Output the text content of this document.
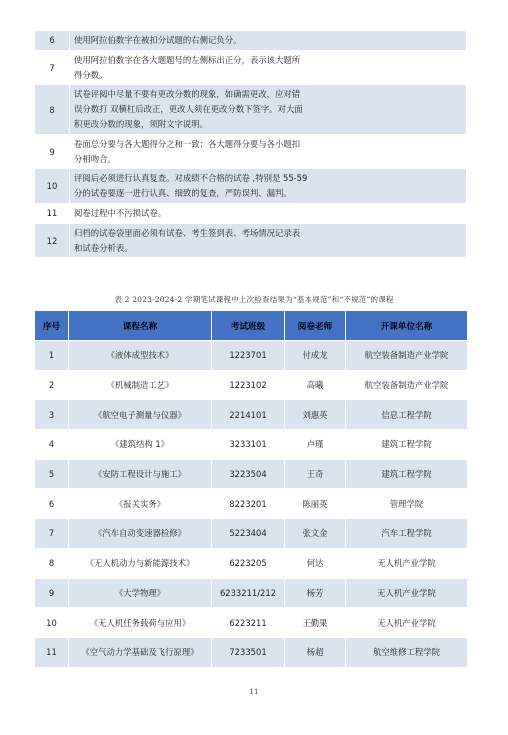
6	使用阿拉伯数字在被扣分试题的右侧记负分。
7	使用阿拉伯数字在各大题题号的左侧标出正分，表示该大题所
得分数。
8	试卷评阅中尽量不要有更改分数的现象，如确需更改，应对错
误分数打 双横杠后改正，更改人须在更改分数下签字。对大面
积更改分数的现象，须附文字说明。
9	卷面总分要与各大题得分之和一致；各大题得分要与各小题扣
分相吻合。
10	评阅后必须进行认真复查。对成绩不合格的试卷 ,特别是 55-59
分的试卷要逐一进行认真、细致的复查，严防误判、漏判。
11	阅卷过程中不污损试卷。
12	归档的试卷袋里面必须有试卷、考生签到表、考场情况记录表
和试卷分析表。
表 2 2023-2024-2 学期笔试课程中上次检查结果为“基本规范”和“不规范”的课程
序号	课程名称	考试班级	阅卷老师	开课单位名称
1	《液体成型技术》	1223701	付成龙	航空装备制造产业学院
2	《机械制造工艺》	1223102	高曦	航空装备制造产业学院
3	《航空电子测量与仪器》	2214101	刘惠英	信息工程学院
4	《建筑结构 1》	3233101	卢瑾	建筑工程学院
5	《安防工程设计与施工》	3223504	王奇	建筑工程学院
6	《报关实务》	8223201	陈丽英	管理学院
7	《汽车自动变速器检修》	5223404	张文金	汽车工程学院
8	《无人机动力与新能源技术》	6223205	何达	无人机产业学院
9	《大学物理》	6233211/212	杨芳	无人机产业学院
10	《无人机任务载荷与应用》	6223211	王勤果	无人机产业学院
11	《空气动力学基础及飞行原理》	7233501	杨超	航空维修工程学院
11
